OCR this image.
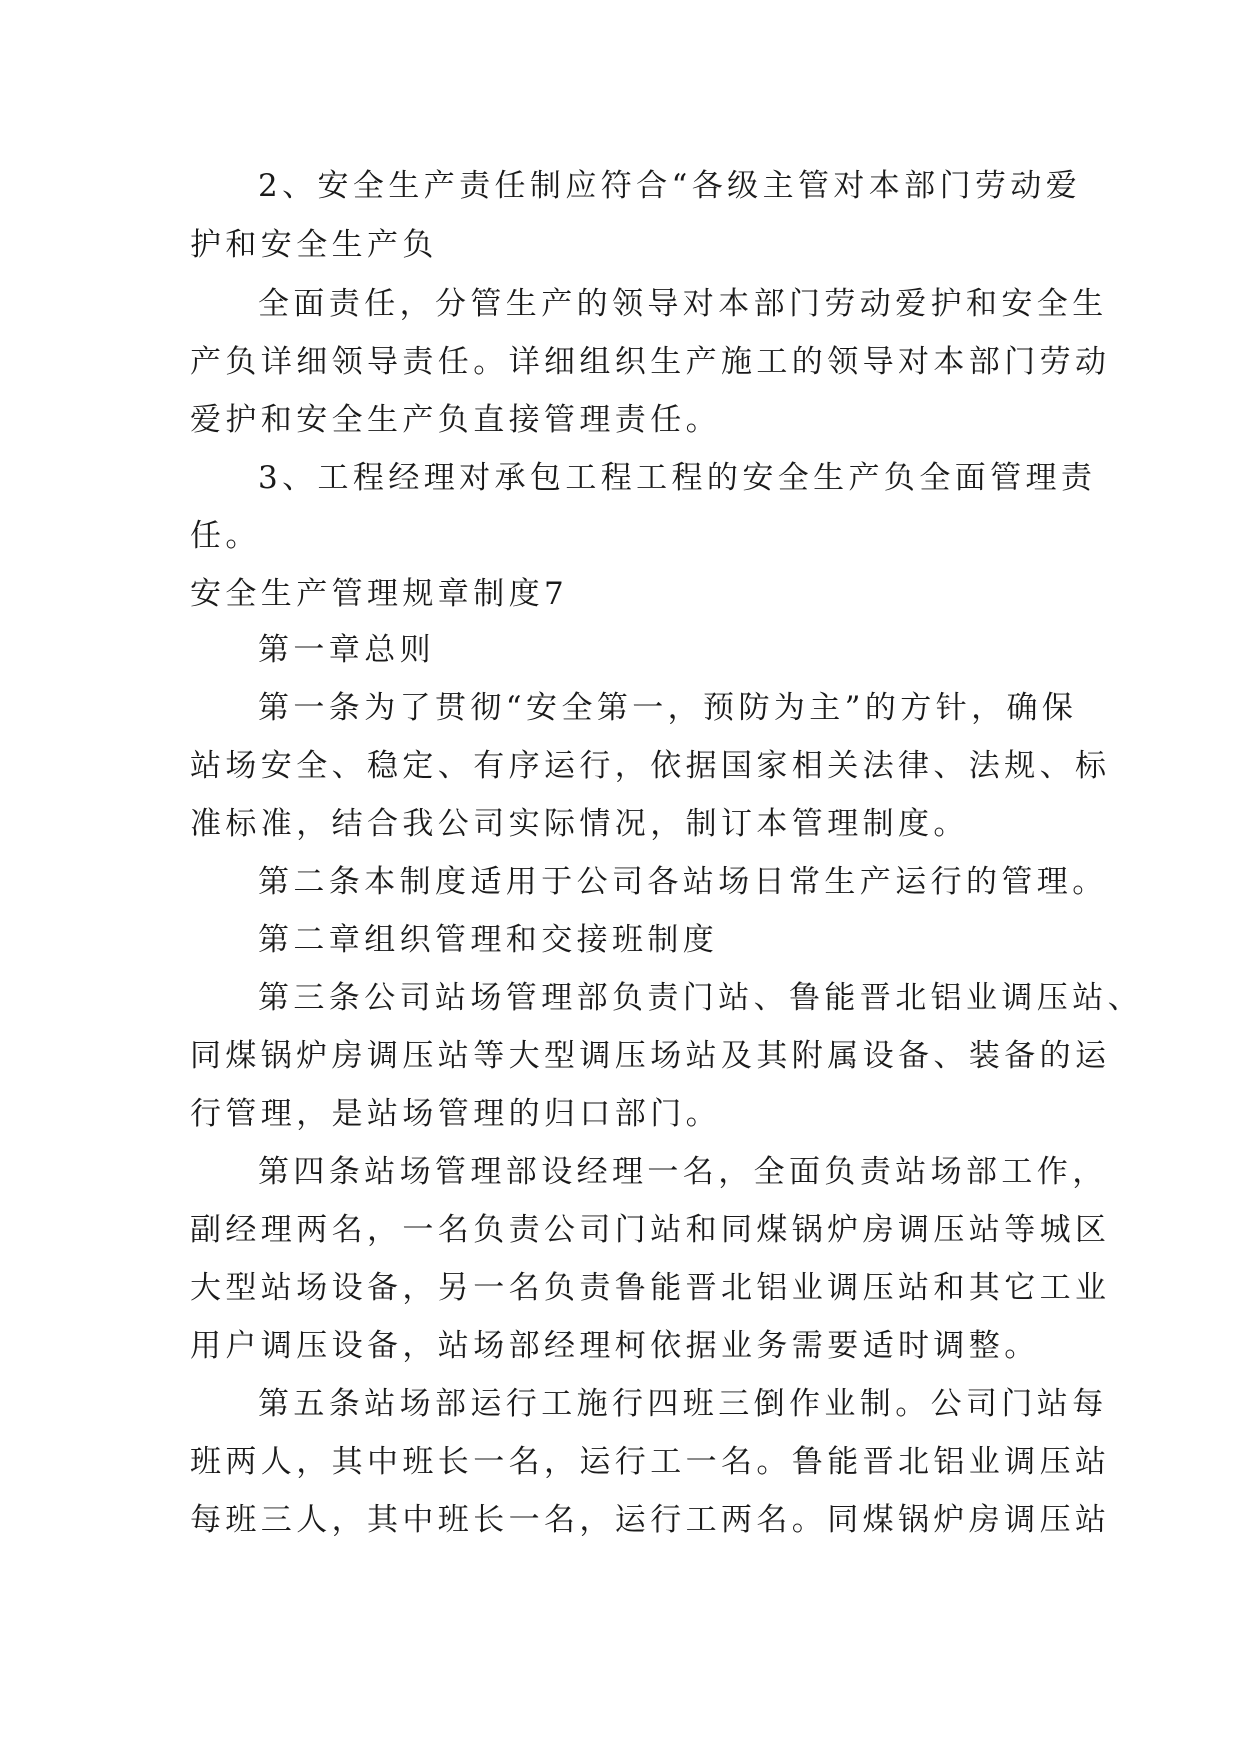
2、安全生产责任制应符合“各级主管对本部门劳动爱
护和安全生产负
全面责任，分管生产的领导对本部门劳动爱护和安全生
产负详细领导责任。详细组织生产施工的领导对本部门劳动
爱护和安全生产负直接管理责任。
3、工程经理对承包工程工程的安全生产负全面管理责
任。
安全生产管理规章制度7
第一章总则
第一条为了贯彻“安全第一，预防为主”的方针，确保
站场安全、稳定、有序运行，依据国家相关法律、法规、标
准标准，结合我公司实际情况，制订本管理制度。
第二条本制度适用于公司各站场日常生产运行的管理。
第二章组织管理和交接班制度
第三条公司站场管理部负责门站、鲁能晋北铝业调压站、
同煤锅炉房调压站等大型调压场站及其附属设备、装备的运
行管理，是站场管理的归口部门。
第四条站场管理部设经理一名，全面负责站场部工作，
副经理两名，一名负责公司门站和同煤锅炉房调压站等城区
大型站场设备，另一名负责鲁能晋北铝业调压站和其它工业
用户调压设备，站场部经理柯依据业务需要适时调整。
第五条站场部运行工施行四班三倒作业制。公司门站每
班两人，其中班长一名，运行工一名。鲁能晋北铝业调压站
每班三人，其中班长一名，运行工两名。同煤锅炉房调压站
